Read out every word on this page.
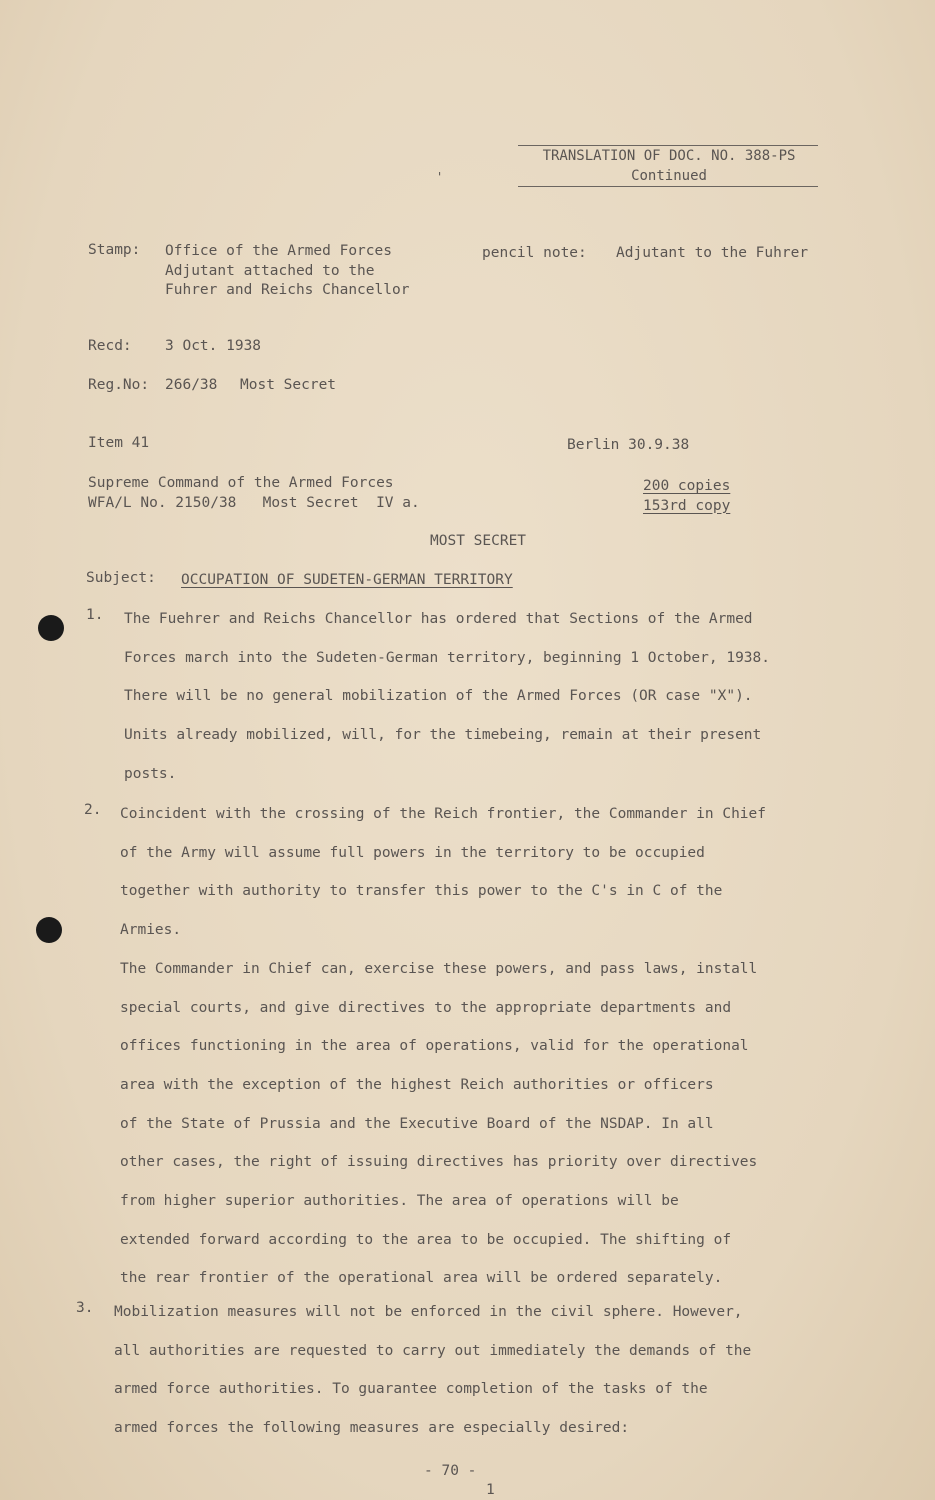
TRANSLATION OF DOC. NO. 388-PS
Continued
'
Stamp: Office of the Armed Forces
Adjutant attached to the
Fuhrer and Reichs Chancellor
pencil note: Adjutant to the Fuhrer
Recd: 3 Oct. 1938
Reg.No: 266/38 Most Secret
Item 41	Berlin 30.9.38
Supreme Command of the Armed Forces
WFA/L No. 2150/38   Most Secret  IV a.
200 copies
153rd copy
MOST SECRET
Subject: OCCUPATION OF SUDETEN-GERMAN TERRITORY
1. The Fuehrer and Reichs Chancellor has ordered that Sections of the Armed
Forces march into the Sudeten-German territory, beginning 1 October, 1938.
There will be no general mobilization of the Armed Forces (OR case "X").
Units already mobilized, will, for the timebeing, remain at their present
posts.
2. Coincident with the crossing of the Reich frontier, the Commander in Chief
of the Army will assume full powers in the territory to be occupied
together with authority to transfer this power to the C's in C of the
Armies.
The Commander in Chief can, exercise these powers, and pass laws, install
special courts, and give directives to the appropriate departments and
offices functioning in the area of operations, valid for the operational
area with the exception of the highest Reich authorities or officers
of the State of Prussia and the Executive Board of the NSDAP. In all
other cases, the right of issuing directives has priority over directives
from higher superior authorities. The area of operations will be
extended forward according to the area to be occupied. The shifting of
the rear frontier of the operational area will be ordered separately.
3. Mobilization measures will not be enforced in the civil sphere. However,
all authorities are requested to carry out immediately the demands of the
armed force authorities. To guarantee completion of the tasks of the
armed forces the following measures are especially desired:
- 70 -
1
